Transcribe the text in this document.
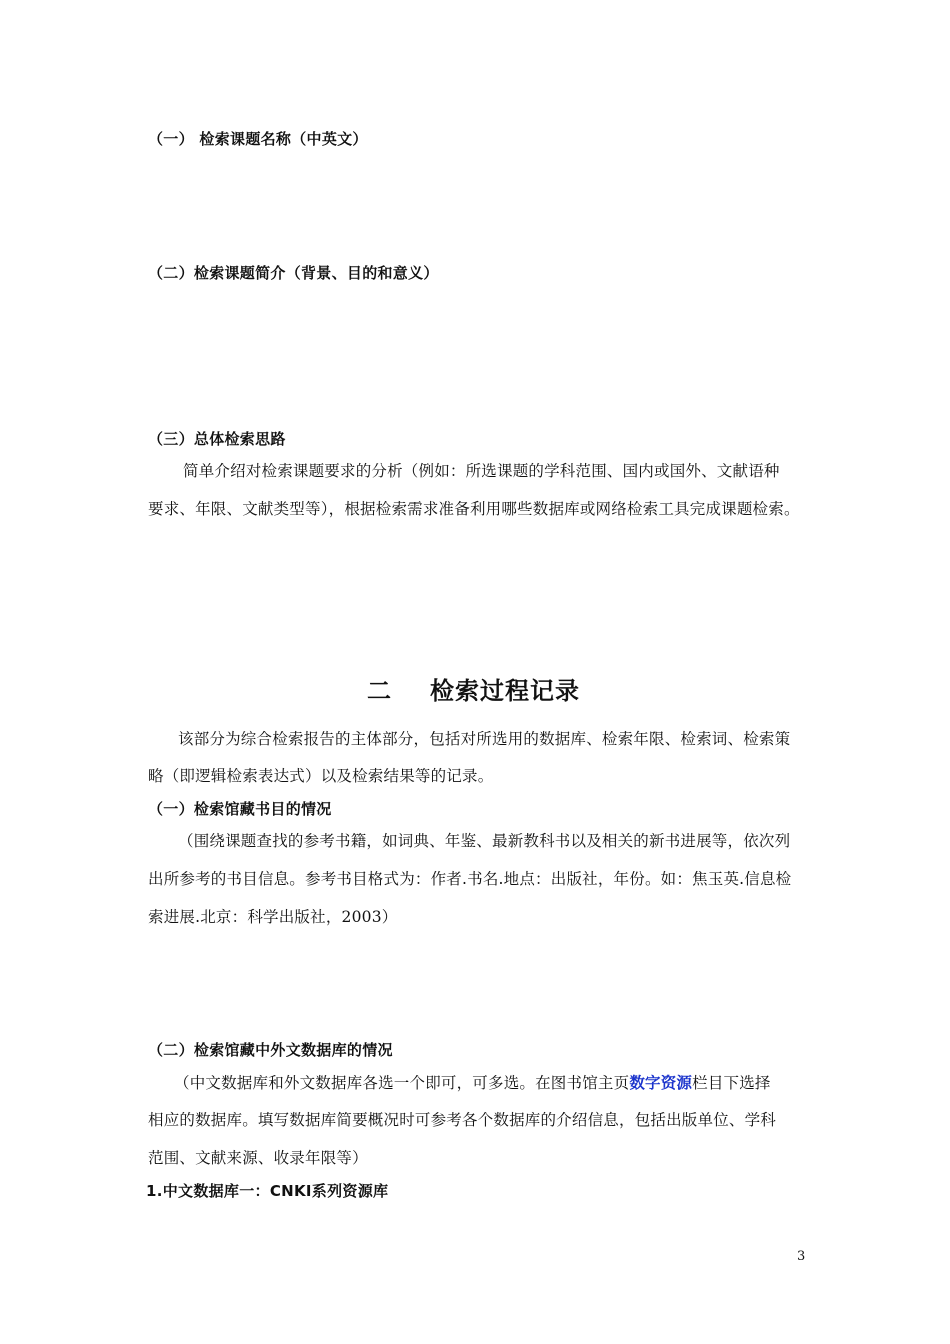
（一） 检索课题名称（中英文）
（二）检索课题简介（背景、目的和意义）
（三）总体检索思路
简单介绍对检索课题要求的分析（例如：所选课题的学科范围、国内或国外、文献语种
要求、年限、文献类型等），根据检索需求准备利用哪些数据库或网络检索工具完成课题检索。
二 检索过程记录
该部分为综合检索报告的主体部分，包括对所选用的数据库、检索年限、检索词、检索策
略（即逻辑检索表达式）以及检索结果等的记录。
（一）检索馆藏书目的情况
（围绕课题查找的参考书籍，如词典、年鉴、最新教科书以及相关的新书进展等，依次列
出所参考的书目信息。参考书目格式为：作者.书名.地点：出版社，年份。如：焦玉英.信息检
索进展.北京：科学出版社，2003）
（二）检索馆藏中外文数据库的情况
（中文数据库和外文数据库各选一个即可，可多选。在图书馆主页数字资源栏目下选择
相应的数据库。填写数据库简要概况时可参考各个数据库的介绍信息，包括出版单位、学科
范围、文献来源、收录年限等）
1.中文数据库一：CNKI系列资源库
3
